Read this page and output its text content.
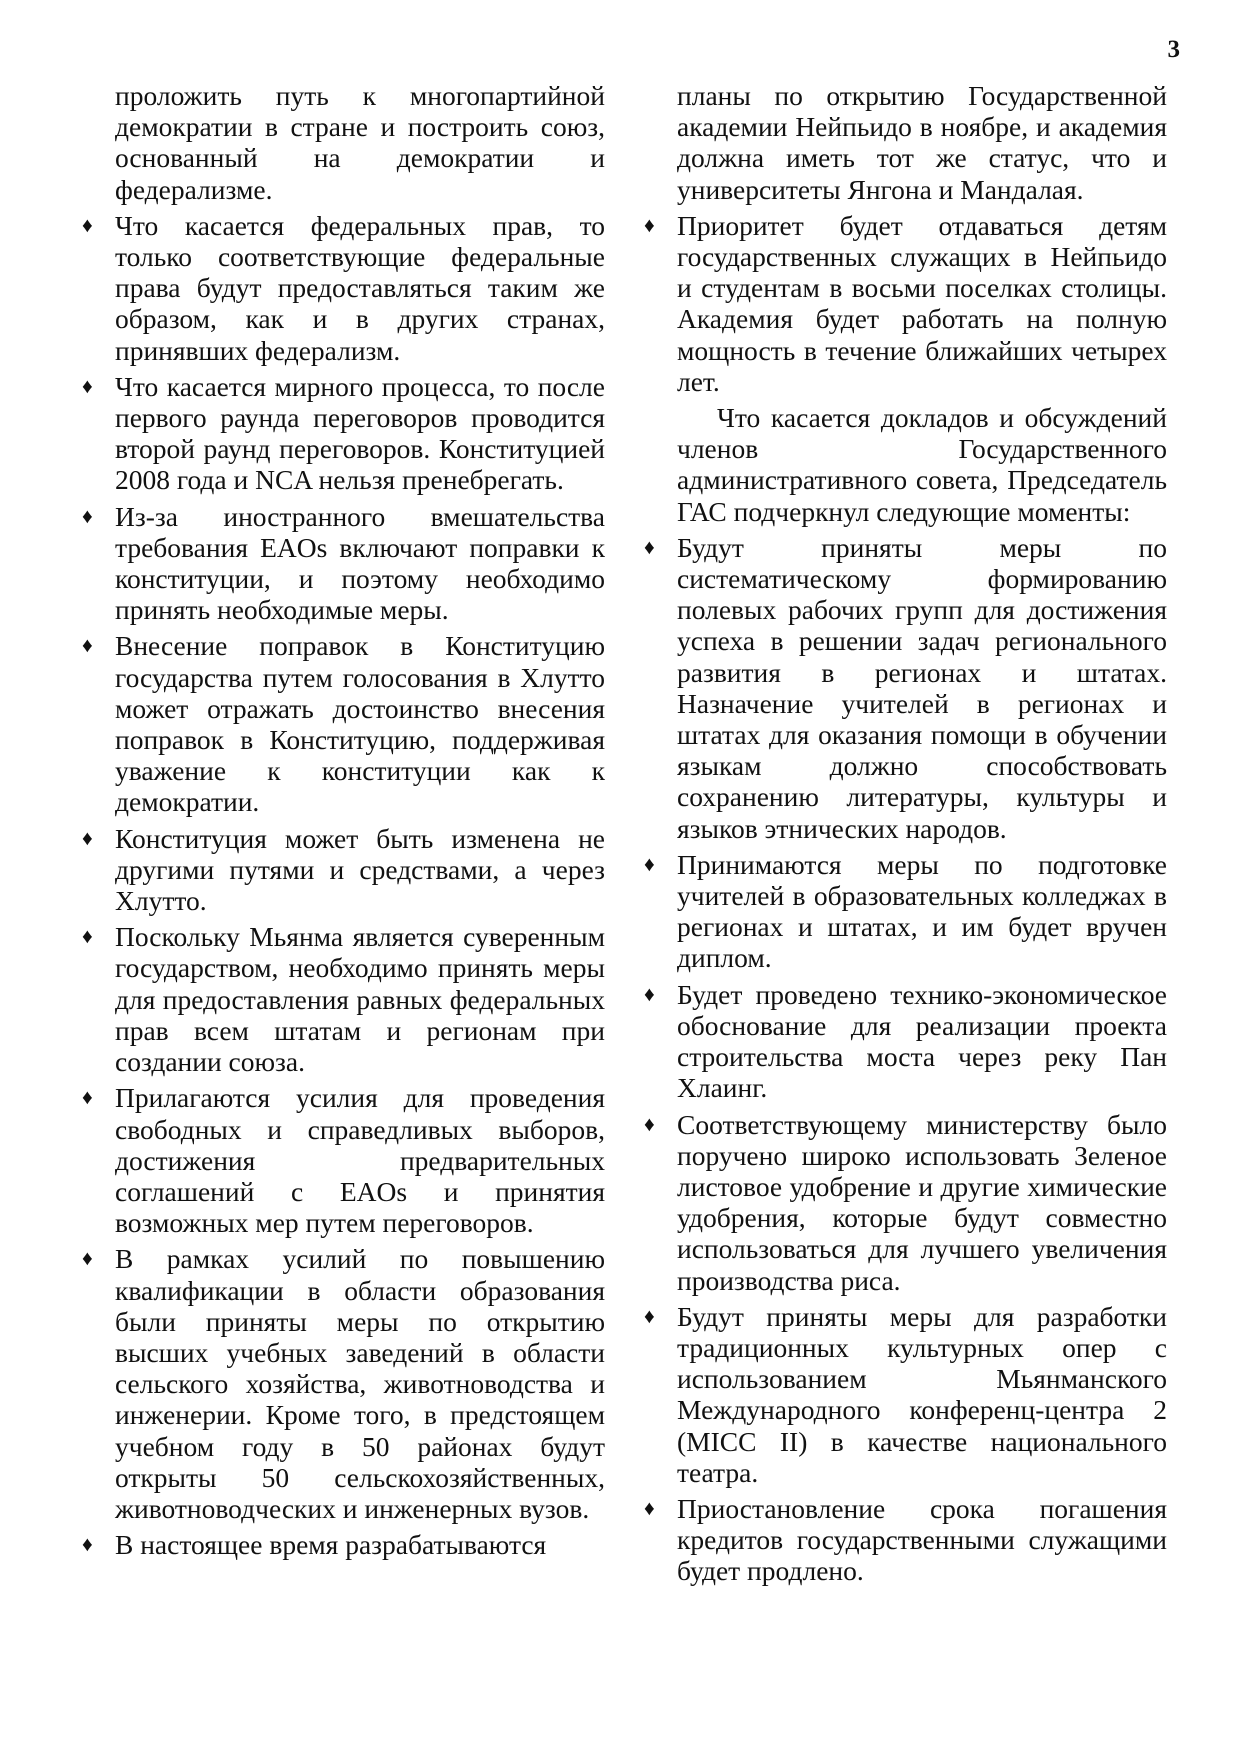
3

проложить путь к многопартийной демократии в стране и построить союз, основанный на демократии и федерализме.

♦ Что касается федеральных прав, то только соответствующие федеральные права будут предоставляться таким же образом, как и в других странах, принявших федерализм.

♦ Что касается мирного процесса, то после первого раунда переговоров проводится второй раунд переговоров. Конституцией 2008 года и NCA нельзя пренебрегать.

♦ Из-за иностранного вмешательства требования EAOs включают поправки к конституции, и поэтому необходимо принять необходимые меры.

♦ Внесение поправок в Конституцию государства путем голосования в Хлутто может отражать достоинство внесения поправок в Конституцию, поддерживая уважение к конституции как к демократии.

♦ Конституция может быть изменена не другими путями и средствами, а через Хлутто.

♦ Поскольку Мьянма является суверенным государством, необходимо принять меры для предоставления равных федеральных прав всем штатам и регионам при создании союза.

♦ Прилагаются усилия для проведения свободных и справедливых выборов, достижения предварительных соглашений с EAOs и принятия возможных мер путем переговоров.

♦ В рамках усилий по повышению квалификации в области образования были приняты меры по открытию высших учебных заведений в области сельского хозяйства, животноводства и инженерии. Кроме того, в предстоящем учебном году в 50 районах будут открыты 50 сельскохозяйственных, животноводческих и инженерных вузов.

♦ В настоящее время разрабатываются

планы по открытию Государственной академии Нейпьидо в ноябре, и академия должна иметь тот же статус, что и университеты Янгона и Мандалая.

♦ Приоритет будет отдаваться детям государственных служащих в Нейпьидо и студентам в восьми поселках столицы. Академия будет работать на полную мощность в течение ближайших четырех лет.

Что касается докладов и обсуждений членов Государственного административного совета, Председатель ГАС подчеркнул следующие моменты:

♦ Будут приняты меры по систематическому формированию полевых рабочих групп для достижения успеха в решении задач регионального развития в регионах и штатах. Назначение учителей в регионах и штатах для оказания помощи в обучении языкам должно способствовать сохранению литературы, культуры и языков этнических народов.

♦ Принимаются меры по подготовке учителей в образовательных колледжах в регионах и штатах, и им будет вручен диплом.

♦ Будет проведено технико-экономическое обоснование для реализации проекта строительства моста через реку Пан Хлаинг.

♦ Соответствующему министерству было поручено широко использовать Зеленое листовое удобрение и другие химические удобрения, которые будут совместно использоваться для лучшего увеличения производства риса.

♦ Будут приняты меры для разработки традиционных культурных опер с использованием Мьянманского Международного конференц-центра 2 (MICC II) в качестве национального театра.

♦ Приостановление срока погашения кредитов государственными служащими будет продлено.
